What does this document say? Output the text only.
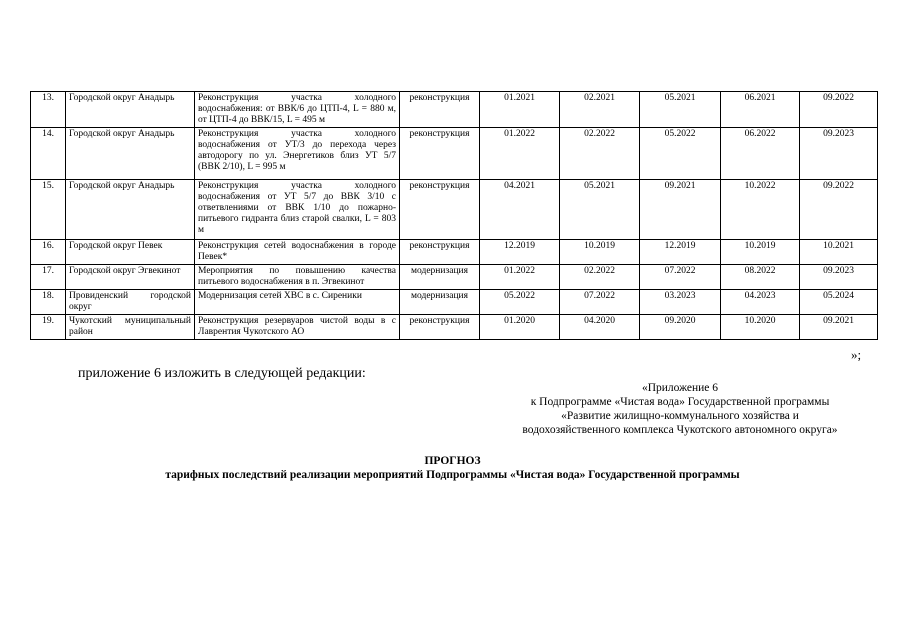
13.	Городской округ Анадырь	Реконструкция участка холодного водоснабжения: от ВВК/6 до ЦТП-4, L = 880 м, от ЦТП-4 до ВВК/15, L = 495 м	реконструкция	01.2021	02.2021	05.2021	06.2021	09.2022
14.	Городской округ Анадырь	Реконструкция участка холодного водоснабжения от УТ/3 до перехода через автодорогу по ул. Энергетиков близ УТ 5/7 (ВВК 2/10), L = 995 м	реконструкция	01.2022	02.2022	05.2022	06.2022	09.2023
15.	Городской округ Анадырь	Реконструкция участка холодного водоснабжения от УТ 5/7 до ВВК 3/10 с ответвлениями от ВВК 1/10 до пожарно-питьевого гидранта близ старой свалки, L = 803 м	реконструкция	04.2021	05.2021	09.2021	10.2022	09.2022
16.	Городской округ Певек	Реконструкция сетей водоснабжения в городе Певек*	реконструкция	12.2019	10.2019	12.2019	10.2019	10.2021
17.	Городской округ Эгвекинот	Мероприятия по повышению качества питьевого водоснабжения в п. Эгвекинот	модернизация	01.2022	02.2022	07.2022	08.2022	09.2023
18.	Провиденский городской округ	Модернизация сетей ХВС в с. Сиреники	модернизация	05.2022	07.2022	03.2023	04.2023	05.2024
19.	Чукотский муниципальный район	Реконструкция резервуаров чистой воды в с Лаврентия Чукотского АО	реконструкция	01.2020	04.2020	09.2020	10.2020	09.2021
»;
приложение 6 изложить в следующей редакции:
«Приложение 6
к Подпрограмме «Чистая вода» Государственной программы
«Развитие жилищно-коммунального хозяйства и
водохозяйственного комплекса Чукотского автономного округа»
ПРОГНОЗ
тарифных последствий реализации мероприятий Подпрограммы «Чистая вода» Государственной программы
